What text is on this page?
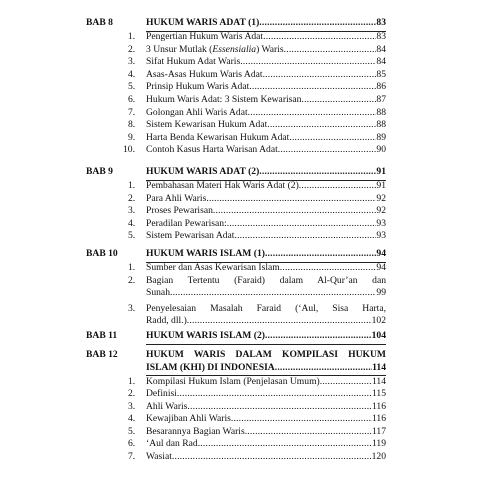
BAB 8	HUKUM WARIS ADAT (1) .....	83
1. Pengertian Hukum Waris Adat .....	83
2. 3 Unsur Mutlak (Essensialia) Waris .....	84
3. Sifat Hukum Adat Waris .....	84
4. Asas-Asas Hukum Waris Adat .....	85
5. Prinsip Hukum Waris Adat .....	86
6. Hukum Waris Adat: 3 Sistem Kewarisan .....	87
7. Golongan Ahli Waris Adat .....	88
8. Sistem Kewarisan Hukum Adat .....	88
9. Harta Benda Kewarisan Hukum Adat .....	89
10. Contoh Kasus Harta Warisan Adat .....	90
BAB 9	HUKUM WARIS ADAT (2) .....	91
1. Pembahasan Materi Hak Waris Adat (2) .....	91
2. Para Ahli Waris .....	92
3. Proses Pewarisan .....	92
4. Peradilan Pewarisan: .....	93
5. Sistem Pewarisan Adat .....	93
BAB 10	HUKUM WARIS ISLAM (1) .....	94
1. Sumber dan Asas Kewarisan Islam .....	94
2. Bagian Tertentu (Faraid) dalam Al-Qur’an dan
Sunah .....	99
3. Penyelesaian Masalah Faraid (‘Aul, Sisa Harta,
Radd, dll.) .....	102
BAB 11	HUKUM WARIS ISLAM (2) .....	104
BAB 12	HUKUM WARIS DALAM KOMPILASI HUKUM
ISLAM (KHI) DI INDONESIA .....	114
1. Kompilasi Hukum Islam (Penjelasan Umum) .....	114
2. Definisi .....	115
3. Ahli Waris .....	116
4. Kewajiban Ahli Waris .....	116
5. Besarannya Bagian Waris .....	117
6. ‘Aul dan Rad .....	119
7. Wasiat .....	120
